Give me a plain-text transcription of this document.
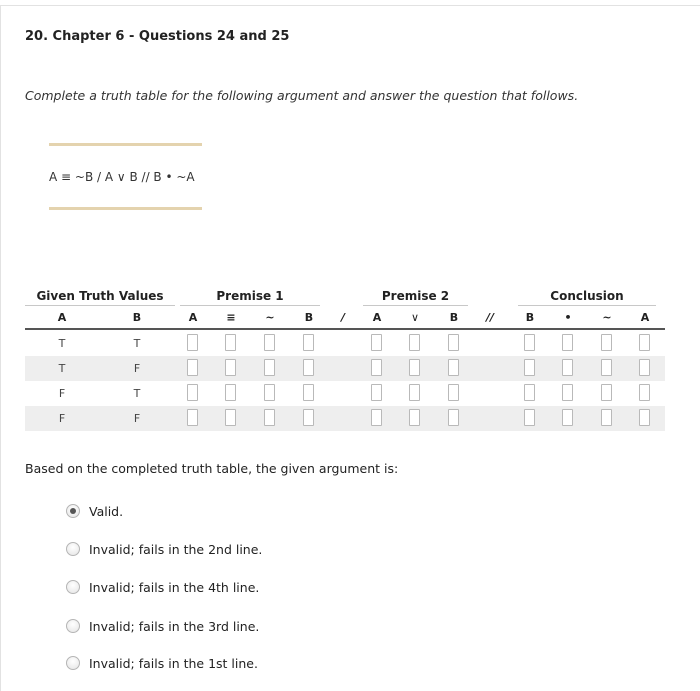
20. Chapter 6 - Questions 24 and 25
Complete a truth table for the following argument and answer the question that follows.
A ≡ ~B / A ∨ B // B • ~A
Given Truth Values	Premise 1	Premise 2	Conclusion
A	B	A	≡	~	B	/	A	∨	B	//	B	•	~	A
T	T
T	F
F	T
F	F
Based on the completed truth table, the given argument is:
Valid.
Invalid; fails in the 2nd line.
Invalid; fails in the 4th line.
Invalid; fails in the 3rd line.
Invalid; fails in the 1st line.
